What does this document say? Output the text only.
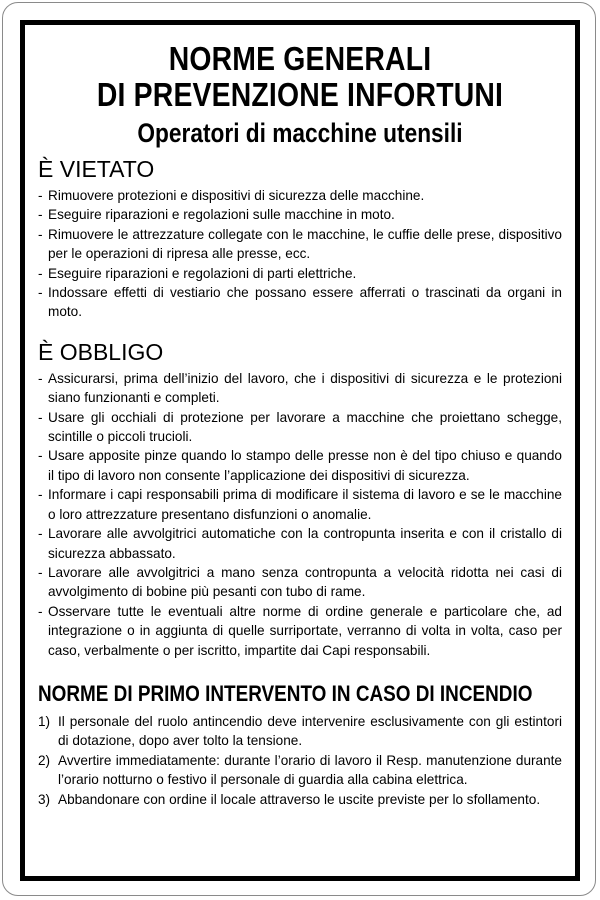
NORME GENERALI
DI PREVENZIONE INFORTUNI
Operatori di macchine utensili
È VIETATO
- Rimuovere protezioni e dispositivi di sicurezza delle macchine.
- Eseguire riparazioni e regolazioni sulle macchine in moto.
- Rimuovere le attrezzature collegate con le macchine, le cuffie delle prese, dispositivo per le operazioni di ripresa alle presse, ecc.
- Eseguire riparazioni e regolazioni di parti elettriche.
- Indossare effetti di vestiario che possano essere afferrati o trascinati da organi in moto.
È OBBLIGO
- Assicurarsi, prima dell’inizio del lavoro, che i dispositivi di sicurezza e le protezioni siano funzionanti e completi.
- Usare gli occhiali di protezione per lavorare a macchine che proiettano schegge, scintille o piccoli trucioli.
- Usare apposite pinze quando lo stampo delle presse non è del tipo chiuso e quando il tipo di lavoro non consente l’applicazione dei dispositivi di sicurezza.
- Informare i capi responsabili prima di modificare il sistema di lavoro e se le macchine o loro attrezzature presentano disfunzioni o anomalie.
- Lavorare alle avvolgitrici automatiche con la contropunta inserita e con il cristallo di sicurezza abbassato.
- Lavorare alle avvolgitrici a mano senza contropunta a velocità ridotta nei casi di avvolgimento di bobine più pesanti con tubo di rame.
- Osservare tutte le eventuali altre norme di ordine generale e particolare che, ad integrazione o in aggiunta di quelle surriportate, verranno di volta in volta, caso per caso, verbalmente o per iscritto, impartite dai Capi responsabili.
NORME DI PRIMO INTERVENTO IN CASO DI INCENDIO
1) Il personale del ruolo antincendio deve intervenire esclusivamente con gli estintori di dotazione, dopo aver tolto la tensione.
2) Avvertire immediatamente: durante l’orario di lavoro il Resp. manutenzione durante l’orario notturno o festivo il personale di guardia alla cabina elettrica.
3) Abbandonare con ordine il locale attraverso le uscite previste per lo sfollamento.
